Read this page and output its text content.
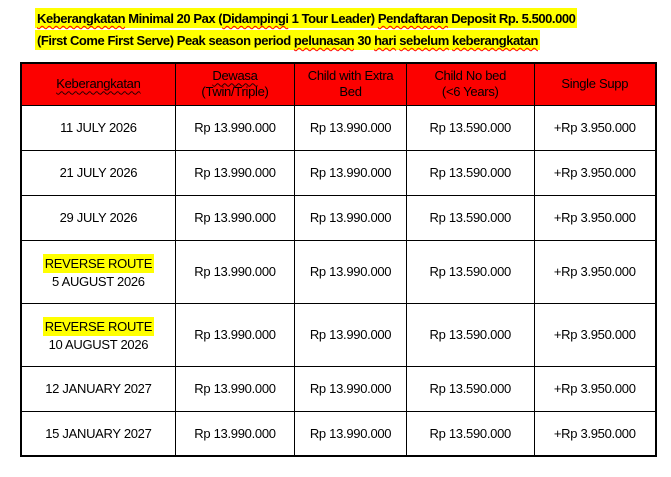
Keberangkatan Minimal 20 Pax (Didampingi 1 Tour Leader) Pendaftaran Deposit Rp. 5.500.000
(First Come First Serve) Peak season period pelunasan 30 hari sebelum keberangkatan
Keberangkatan

Dewasa
(Twin/Triple)

Child with Extra
Bed

Child No bed
(<6 Years)

Single Supp

11 JULY 2026	Rp 13.990.000	Rp 13.990.000	Rp 13.590.000	+Rp 3.950.000
21 JULY 2026	Rp 13.990.000	Rp 13.990.000	Rp 13.590.000	+Rp 3.950.000
29 JULY 2026	Rp 13.990.000	Rp 13.990.000	Rp 13.590.000	+Rp 3.950.000
REVERSE ROUTE
5 AUGUST 2026	Rp 13.990.000	Rp 13.990.000	Rp 13.590.000	+Rp 3.950.000
REVERSE ROUTE
10 AUGUST 2026	Rp 13.990.000	Rp 13.990.000	Rp 13.590.000	+Rp 3.950.000
12 JANUARY 2027	Rp 13.990.000	Rp 13.990.000	Rp 13.590.000	+Rp 3.950.000
15 JANUARY 2027	Rp 13.990.000	Rp 13.990.000	Rp 13.590.000	+Rp 3.950.000
